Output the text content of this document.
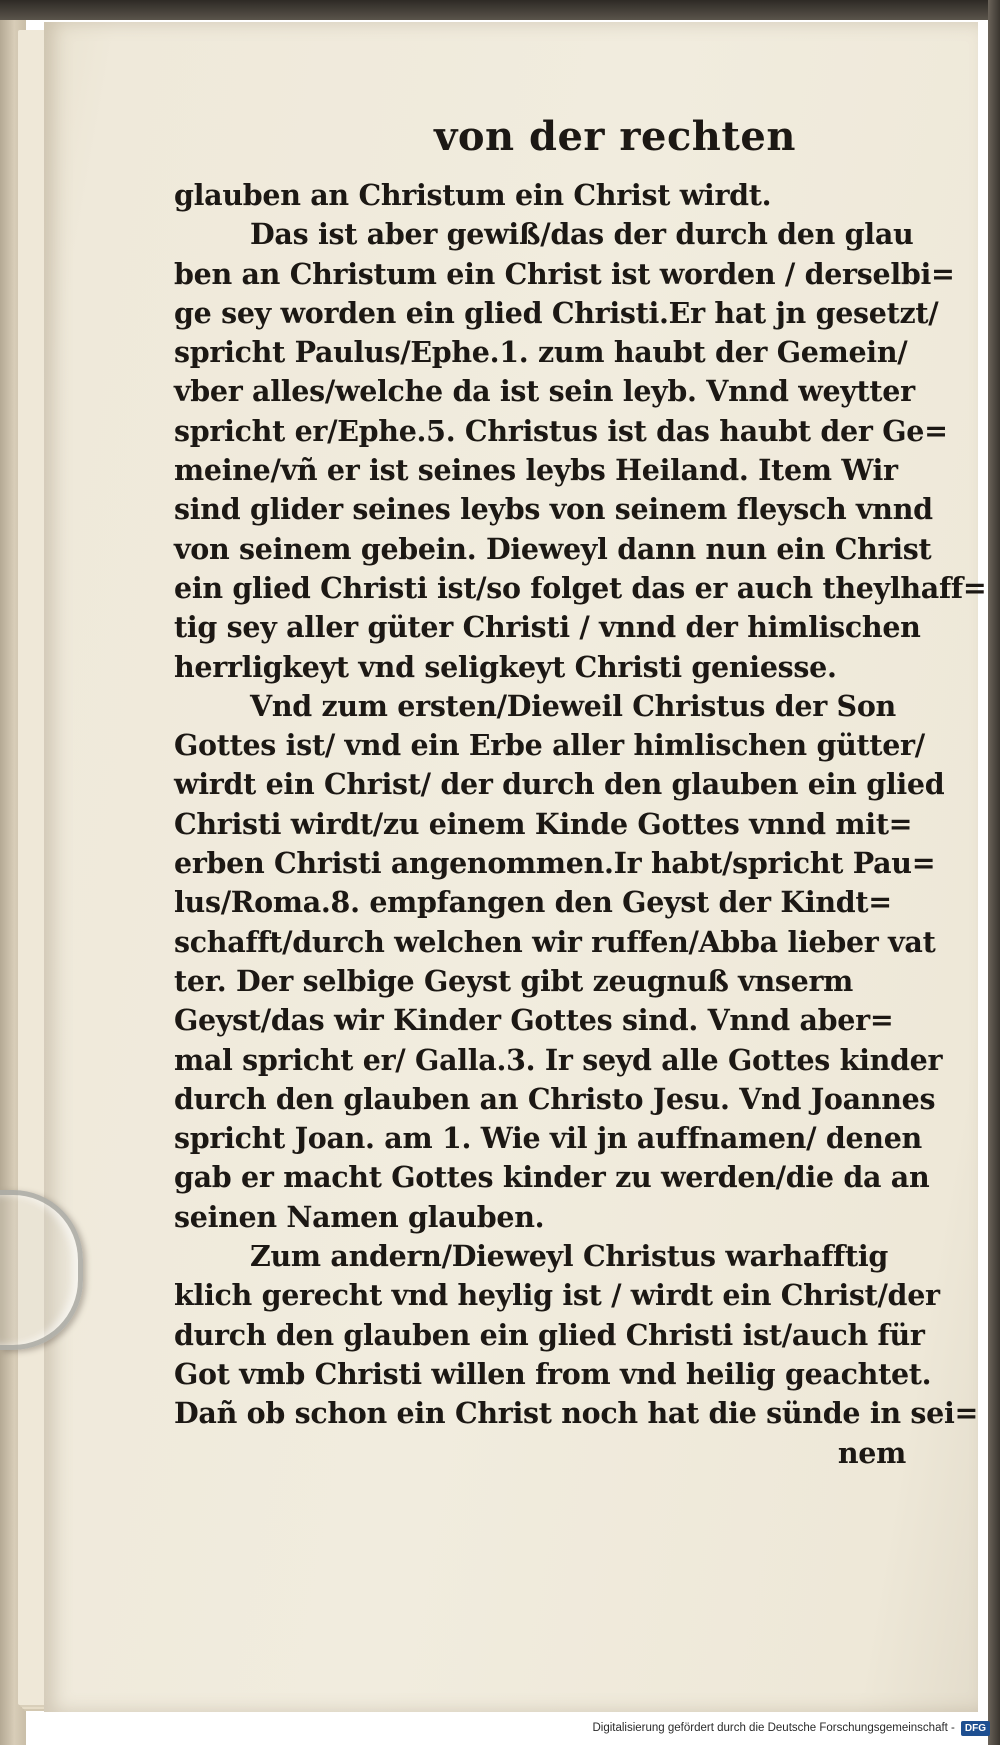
von der rechten
glauben an Christum ein Christ wirdt.
Das ist aber gewiß/das der durch den glau
ben an Christum ein Christ ist worden / derselbi=
ge sey worden ein glied Christi.Er hat jn gesetzt/
spricht Paulus/Ephe.1. zum haubt der Gemein/
vber alles/welche da ist sein leyb. Vnnd weytter
spricht er/Ephe.5. Christus ist das haubt der Ge=
meine/vñ er ist seines leybs Heiland. Item Wir
sind glider seines leybs von seinem fleysch vnnd
von seinem gebein. Dieweyl dann nun ein Christ
ein glied Christi ist/so folget das er auch theylhaff=
tig sey aller güter Christi / vnnd der himlischen
herrligkeyt vnd seligkeyt Christi geniesse.
Vnd zum ersten/Dieweil Christus der Son
Gottes ist/ vnd ein Erbe aller himlischen gütter/
wirdt ein Christ/ der durch den glauben ein glied
Christi wirdt/zu einem Kinde Gottes vnnd mit=
erben Christi angenommen.Ir habt/spricht Pau=
lus/Roma.8. empfangen den Geyst der Kindt=
schafft/durch welchen wir ruffen/Abba lieber vat
ter. Der selbige Geyst gibt zeugnuß vnserm
Geyst/das wir Kinder Gottes sind. Vnnd aber=
mal spricht er/ Galla.3. Ir seyd alle Gottes kinder
durch den glauben an Christo Jesu. Vnd Joannes
spricht Joan. am 1. Wie vil jn auffnamen/ denen
gab er macht Gottes kinder zu werden/die da an
seinen Namen glauben.
Zum andern/Dieweyl Christus warhafftig
klich gerecht vnd heylig ist / wirdt ein Christ/der
durch den glauben ein glied Christi ist/auch für
Got vmb Christi willen from vnd heilig geachtet.
Dañ ob schon ein Christ noch hat die sünde in sei=
nem
Digitalisierung gefördert durch die Deutsche Forschungsgemeinschaft -	DFG
